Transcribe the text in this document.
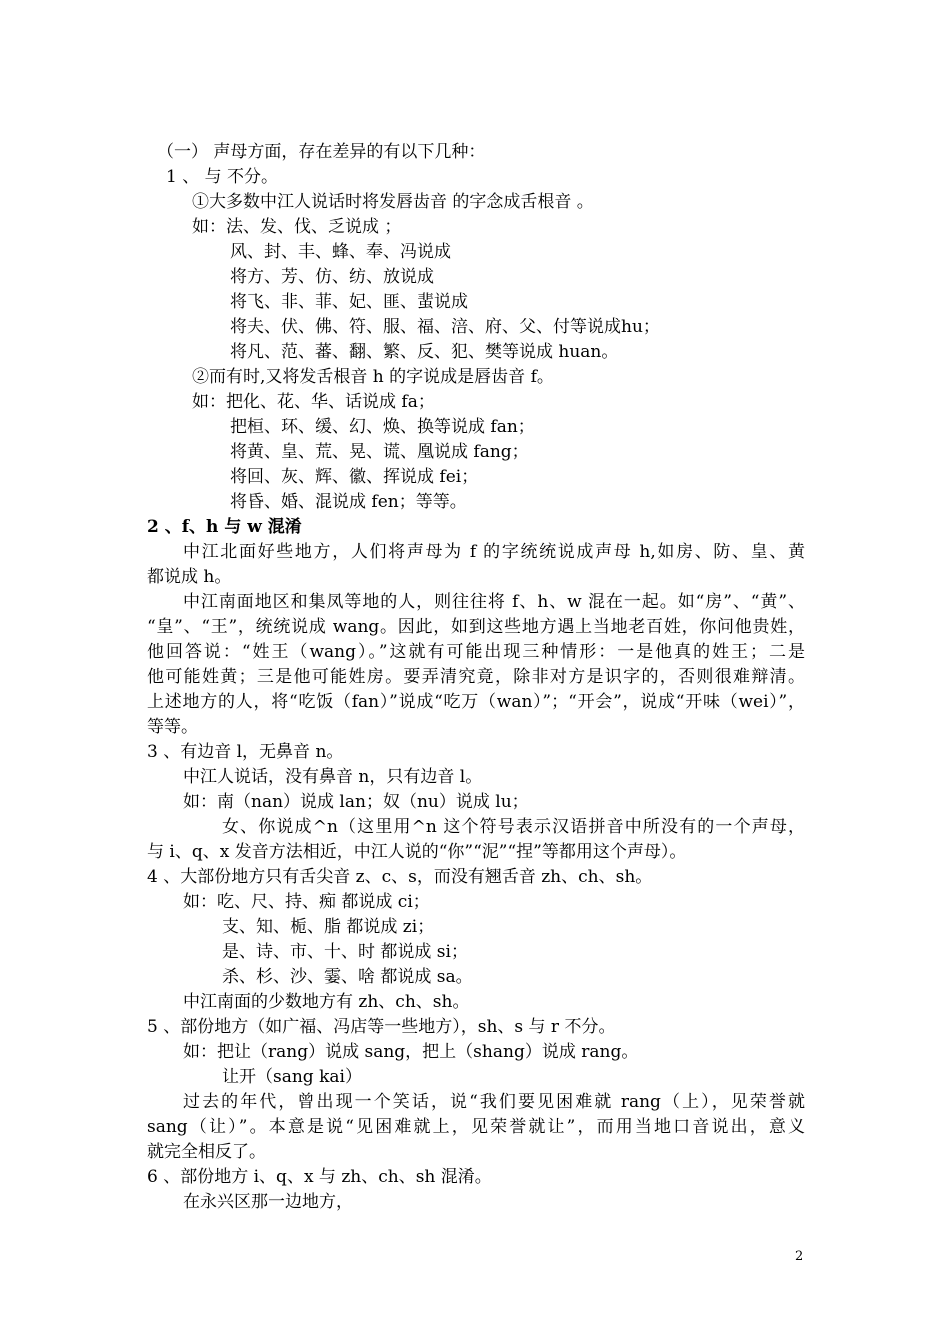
（一） 声母方面，存在差异的有以下几种：
1 、 与 不分。
①大多数中江人说话时将发唇齿音 的字念成舌根音 。
如：法、发、伐、乏说成 ；
风、封、丰、蜂、奉、冯说成
将方、芳、仿、纺、放说成
将飞、非、菲、妃、匪、蜚说成
将夫、伏、佛、符、服、福、涪、府、父、付等说成hu；
将凡、范、蕃、翻、繁、反、犯、樊等说成 huan。
②而有时,又将发舌根音 h 的字说成是唇齿音 f。
如：把化、花、华、话说成 fa；
把桓、环、缓、幻、焕、换等说成 fan；
将黄、皇、荒、晃、谎、凰说成 fang；
将回、灰、辉、徽、挥说成 fei；
将昏、婚、混说成 fen；等等。
2 、f、h 与 w 混淆
中江北面好些地方，人们将声母为 f 的字统统说成声母 h,如房、防、皇、黄
都说成 h。
中江南面地区和集凤等地的人，则往往将 f、h、w 混在一起。如“房”、“黄”、
“皇”、“王”，统统说成 wang。因此，如到这些地方遇上当地老百姓，你问他贵姓，
他回答说：“姓王（wang）。”这就有可能出现三种情形：一是他真的姓王；二是
他可能姓黄；三是他可能姓房。要弄清究竟，除非对方是识字的，否则很难辩清。
上述地方的人，将“吃饭（fan）”说成“吃万（wan）”；“开会”，说成“开味（wei）”，
等等。
3 、有边音 l，无鼻音 n。
中江人说话，没有鼻音 n，只有边音 l。
如：南（nan）说成 lan；奴（nu）说成 lu；
女、你说成^n（这里用^n 这个符号表示汉语拼音中所没有的一个声母，
与 i、q、x 发音方法相近，中江人说的“你”“泥”“捏”等都用这个声母）。
4 、大部份地方只有舌尖音 z、c、s，而没有翘舌音 zh、ch、sh。
如：吃、尺、持、痴 都说成 ci；
支、知、栀、脂 都说成 zi；
是、诗、市、十、时 都说成 si；
杀、杉、沙、霎、啥 都说成 sa。
中江南面的少数地方有 zh、ch、sh。
5 、部份地方（如广福、冯店等一些地方），sh、s 与 r 不分。
如：把让（rang）说成 sang，把上（shang）说成 rang。
让开（sang kai）
过去的年代，曾出现一个笑话，说“我们要见困难就 rang（上），见荣誉就
sang（让）”。本意是说“见困难就上，见荣誉就让”，而用当地口音说出，意义
就完全相反了。
6 、部份地方 i、q、x 与 zh、ch、sh 混淆。
在永兴区那一边地方，
2
